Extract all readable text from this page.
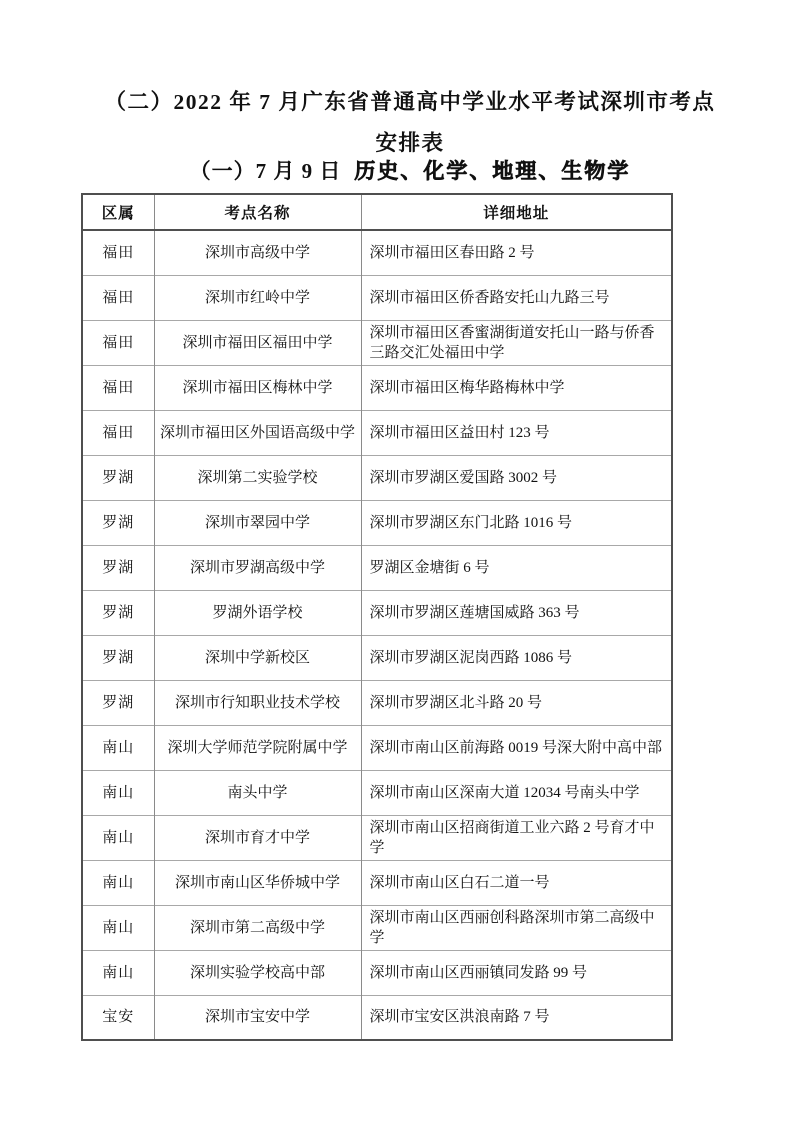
（二）2022 年 7 月广东省普通高中学业水平考试深圳市考点
安排表
（一）7 月 9 日 历史、化学、地理、生物学
区属	考点名称	详细地址
福田	深圳市高级中学	深圳市福田区春田路 2 号
福田	深圳市红岭中学	深圳市福田区侨香路安托山九路三号
福田	深圳市福田区福田中学	深圳市福田区香蜜湖街道安托山一路与侨香三路交汇处福田中学
福田	深圳市福田区梅林中学	深圳市福田区梅华路梅林中学
福田	深圳市福田区外国语高级中学	深圳市福田区益田村 123 号
罗湖	深圳第二实验学校	深圳市罗湖区爱国路 3002 号
罗湖	深圳市翠园中学	深圳市罗湖区东门北路 1016 号
罗湖	深圳市罗湖高级中学	罗湖区金塘街 6 号
罗湖	罗湖外语学校	深圳市罗湖区莲塘国威路 363 号
罗湖	深圳中学新校区	深圳市罗湖区泥岗西路 1086 号
罗湖	深圳市行知职业技术学校	深圳市罗湖区北斗路 20 号
南山	深圳大学师范学院附属中学	深圳市南山区前海路 0019 号深大附中高中部
南山	南头中学	深圳市南山区深南大道 12034 号南头中学
南山	深圳市育才中学	深圳市南山区招商街道工业六路 2 号育才中学
南山	深圳市南山区华侨城中学	深圳市南山区白石二道一号
南山	深圳市第二高级中学	深圳市南山区西丽创科路深圳市第二高级中学
南山	深圳实验学校高中部	深圳市南山区西丽镇同发路 99 号
宝安	深圳市宝安中学	深圳市宝安区洪浪南路 7 号
